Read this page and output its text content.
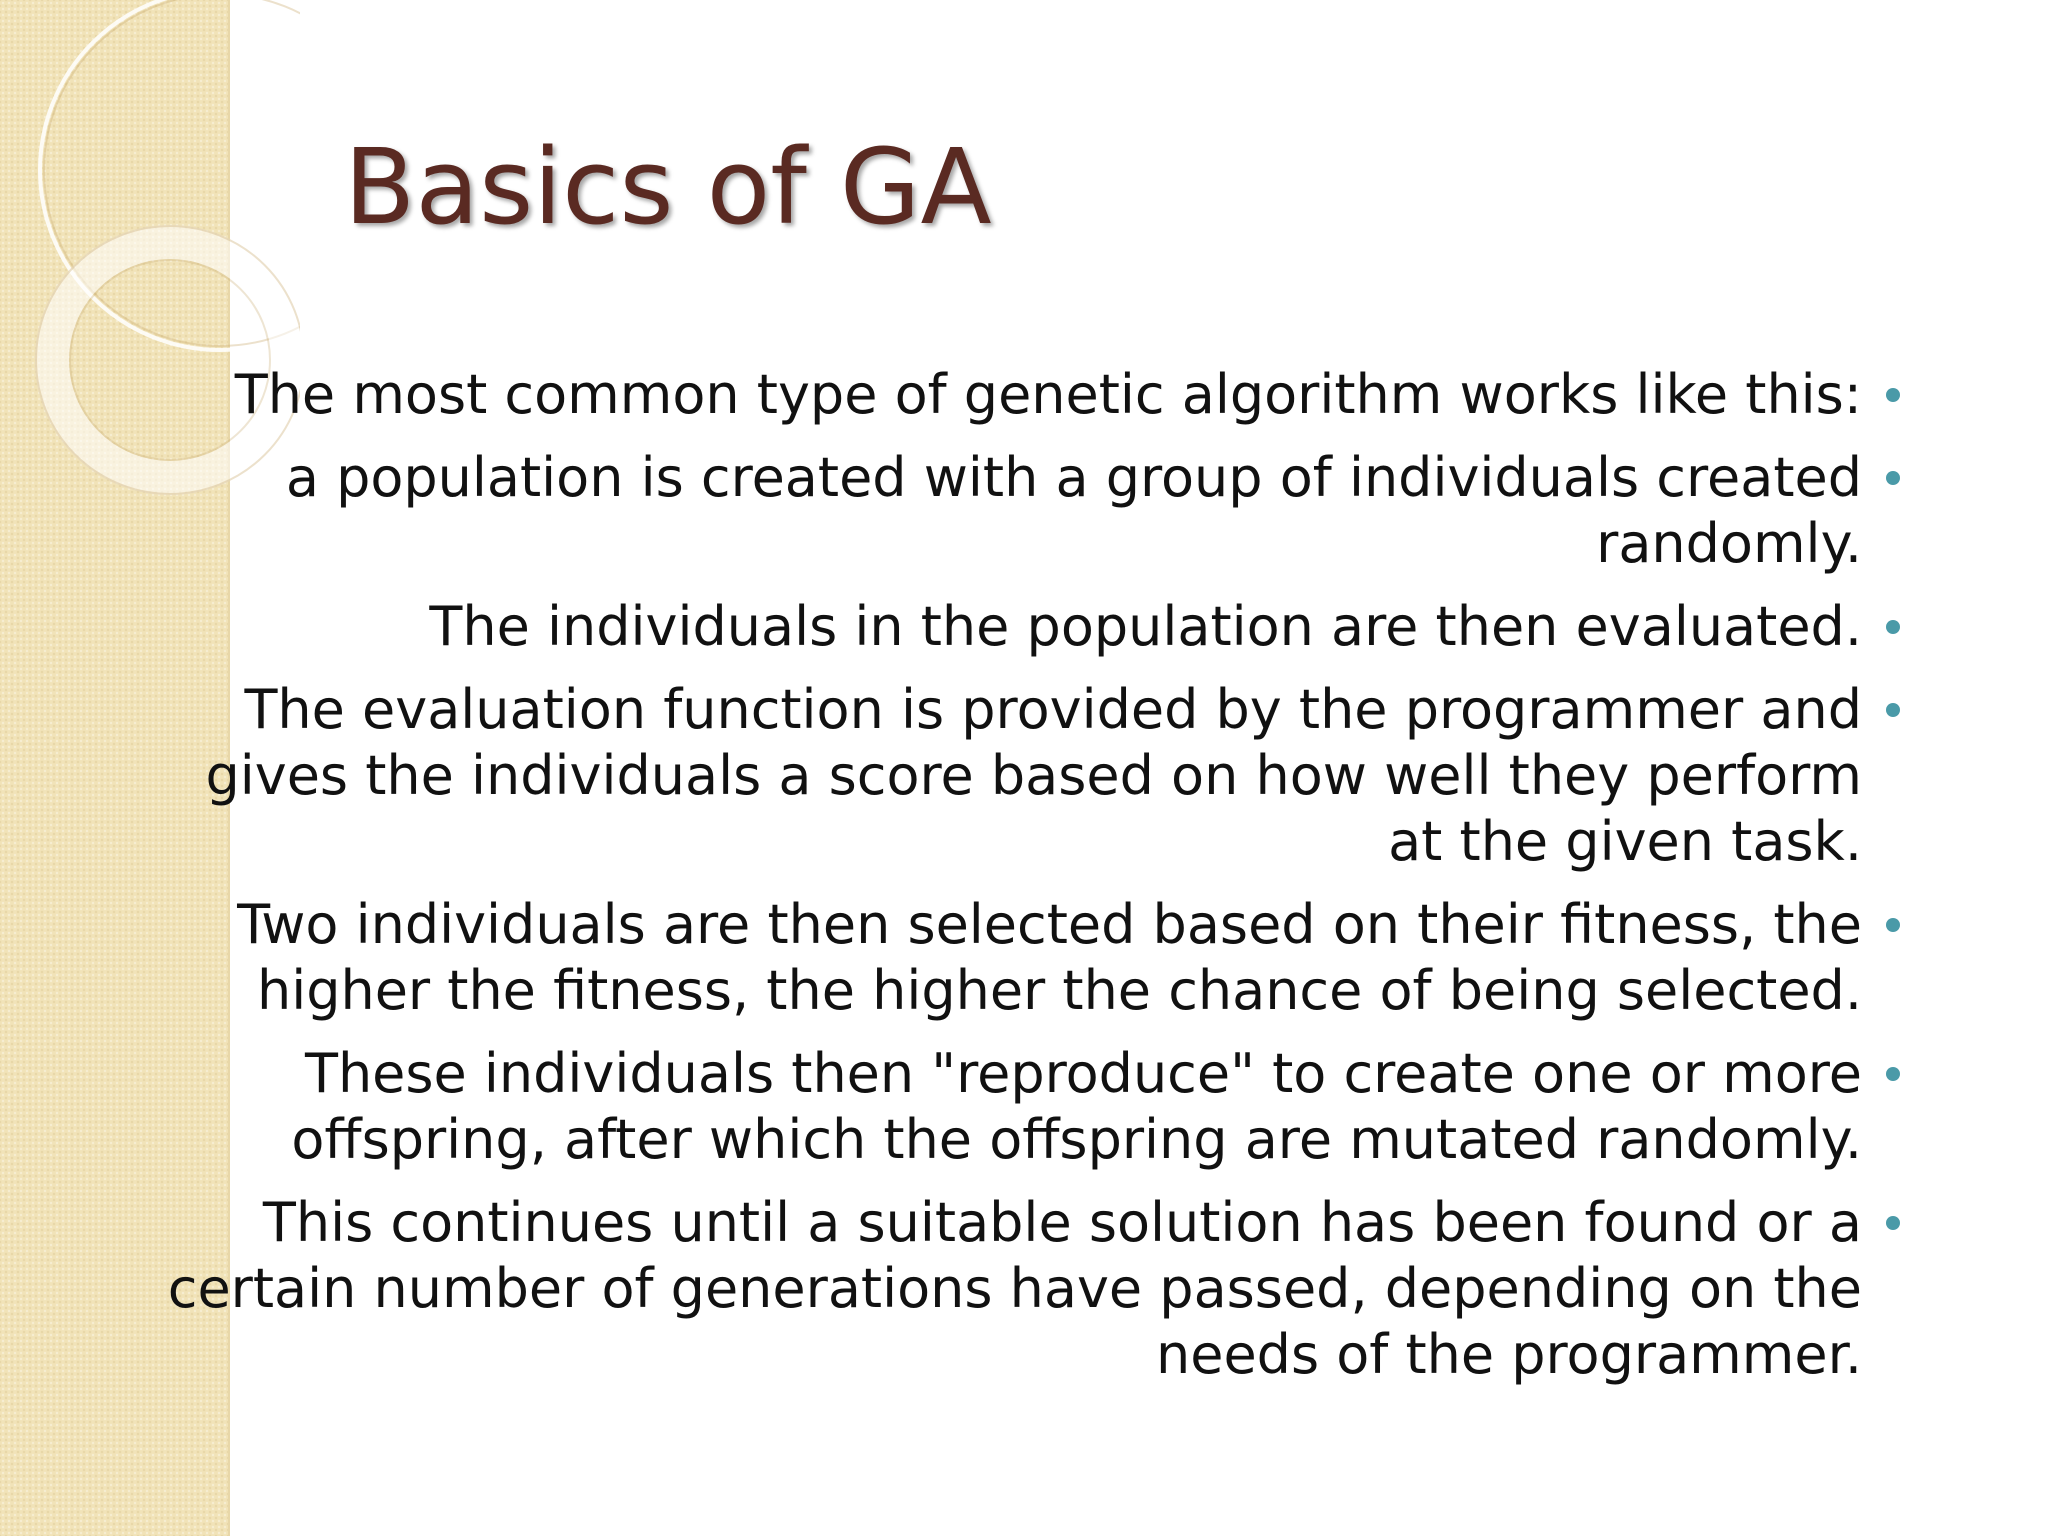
Basics of GA
The most common type of genetic algorithm works like this:
a population is created with a group of individuals created randomly.
The individuals in the population are then evaluated.
The evaluation function is provided by the programmer and gives the individuals a score based on how well they perform at the given task.
Two individuals are then selected based on their fitness, the higher the fitness, the higher the chance of being selected.
These individuals then "reproduce" to create one or more offspring, after which the offspring are mutated randomly.
This continues until a suitable solution has been found or a certain number of generations have passed, depending on the needs of the programmer.
